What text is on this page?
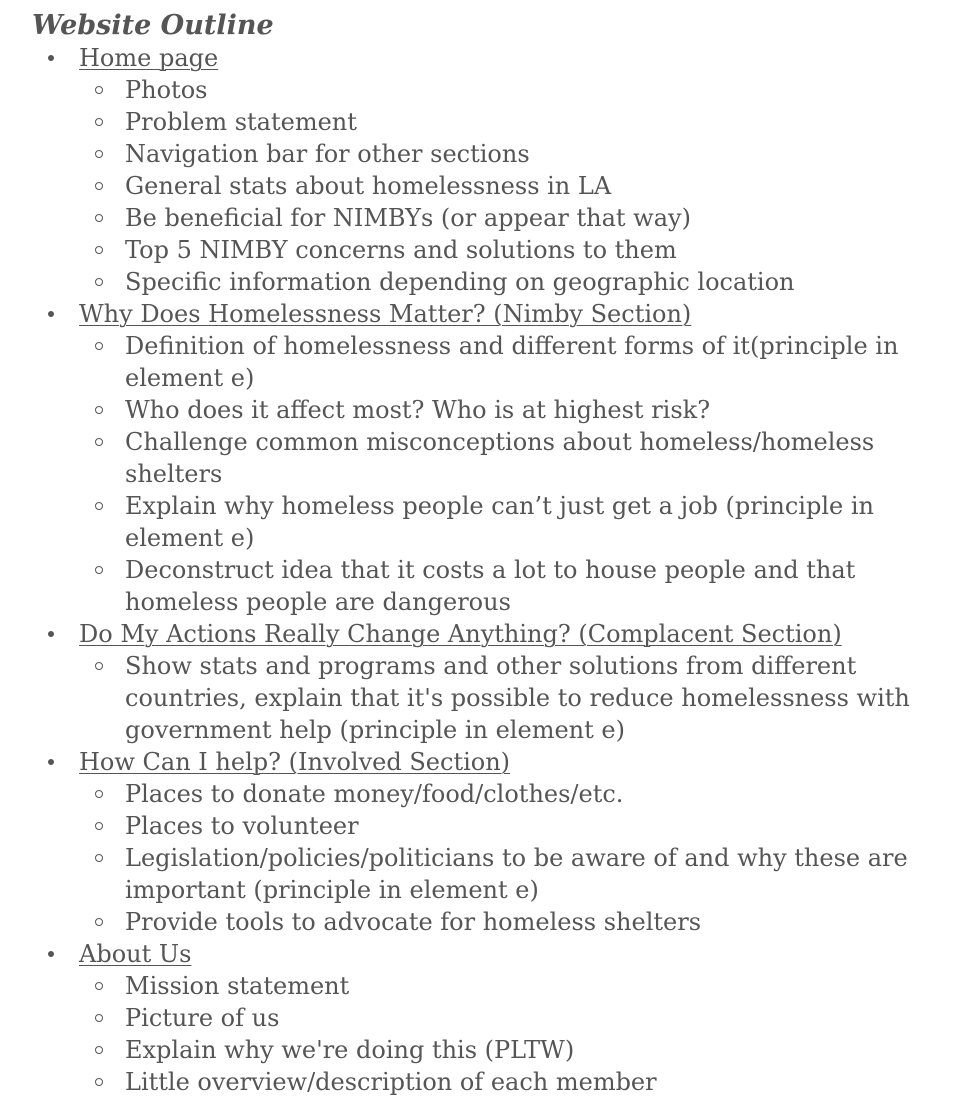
Website Outline
Home page
Photos
Problem statement
Navigation bar for other sections
General stats about homelessness in LA
Be beneficial for NIMBYs (or appear that way)
Top 5 NIMBY concerns and solutions to them
Specific information depending on geographic location
Why Does Homelessness Matter? (Nimby Section)
Definition of homelessness and different forms of it(principle in element e)
Who does it affect most? Who is at highest risk?
Challenge common misconceptions about homeless/homeless shelters
Explain why homeless people can’t just get a job (principle in element e)
Deconstruct idea that it costs a lot to house people and that homeless people are dangerous
Do My Actions Really Change Anything? (Complacent Section)
Show stats and programs and other solutions from different countries, explain that it's possible to reduce homelessness with government help (principle in element e)
How Can I help? (Involved Section)
Places to donate money/food/clothes/etc.
Places to volunteer
Legislation/policies/politicians to be aware of and why these are important (principle in element e)
Provide tools to advocate for homeless shelters
About Us
Mission statement
Picture of us
Explain why we're doing this (PLTW)
Little overview/description of each member
